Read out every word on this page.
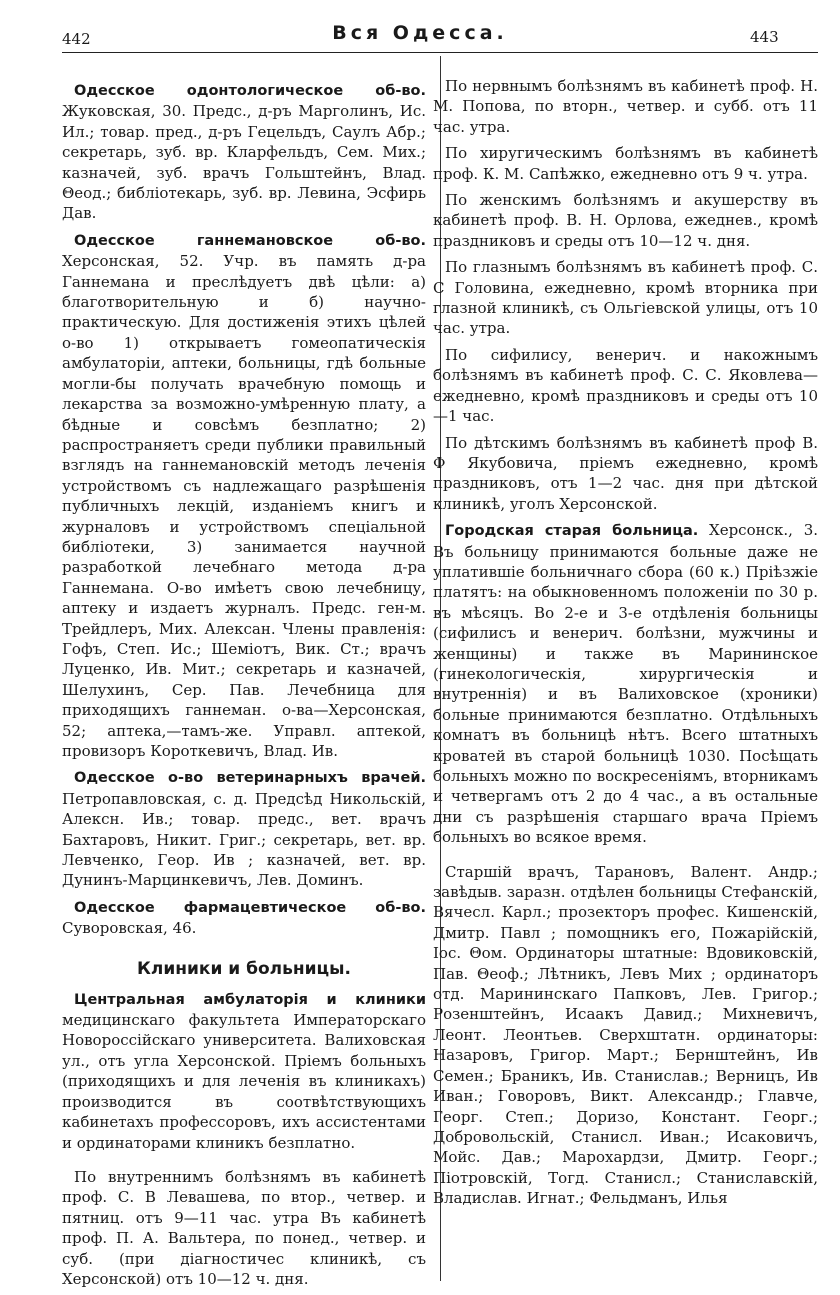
442	Вся Одесса.	443

Одесское одонтологическое об-во. Жуковская, 30. Предс., д-ръ Марголинъ, Ис. Ил.; товар. пред., д-ръ Гецельдъ, Саулъ Абр.; секретарь, зуб. вр. Кларфельдъ, Сем. Мих.; казначей, зуб. врачъ Гольштейнъ, Влад. Θеод.; библіотекарь, зуб. вр. Левина, Эсфирь Дав.

Одесское ганнемановское об-во. Херсонская, 52. Учр. въ память д-ра Ганнемана и преслѣдуетъ двѣ цѣли: а) благотворительную и б) научно-практическую. Для достиженія этихъ цѣлей о-во 1) открываетъ гомеопатическія амбулаторіи, аптеки, больницы, гдѣ больные могли-бы получать врачебную помощь и лекарства за возможно-умѣренную плату, а бѣдные и совсѣмъ безплатно; 2) распространяетъ среди публики правильный взглядъ на ганнемановскій методъ леченія устройствомъ съ надлежащаго разрѣшенія публичныхъ лекцій, изданіемъ книгъ и журналовъ и устройствомъ спеціальной библіотеки, 3) занимается научной разработкой лечебнаго метода д-ра Ганнемана. О-во имѣетъ свою лечебницу, аптеку и издаетъ журналъ. Предс. ген-м. Трейдлеръ, Мих. Алексан. Члены правленія: Гофъ, Степ. Ис.; Шеміотъ, Вик. Ст.; врачъ Луценко, Ив. Мит.; секретарь и казначей, Шелухинъ, Сер. Пав. Лечебница для приходящихъ ганнеман. о-ва—Херсонская, 52; аптека,—тамъ-же. Управл. аптекой, провизоръ Короткевичъ, Влад. Ив.

Одесское о-во ветеринарныхъ врачей. Петропавловская, с. д. Предсѣд Никольскій, Алексн. Ив.; товар. предс., вет. врачъ Бахтаровъ, Никит. Григ.; секретарь, вет. вр. Левченко, Геор. Ив ; казначей, вет. вр. Дунинъ-Марцинкевичъ, Лев. Доминъ.

Одесское фармацевтическое об-во. Суворовская, 46.

Клиники и больницы.

Центральная амбулаторія и клиники медицинскаго факультета Императорскаго Новороссійскаго университета. Валиховская ул., отъ угла Херсонской. Пріемъ больныхъ (приходящихъ и для леченія въ клиникахъ) производится въ соотвѣтствующихъ кабинетахъ профессоровъ, ихъ ассистентами и ординаторами клиникъ безплатно.

По внутреннимъ болѣзнямъ въ кабинетѣ проф. С. В Левашева, по втор., четвер. и пятниц. отъ 9—11 час. утра Въ кабинетѣ проф. П. А. Вальтера, по понед., четвер. и суб. (при діагностичес клиникѣ, съ Херсонской) отъ 10—12 ч. дня.

По нервнымъ болѣзнямъ въ кабинетѣ проф. Н. М. Попова, по вторн., четвер. и субб. отъ 11 час. утра.

По хиругическимъ болѣзнямъ въ кабинетѣ проф. К. М. Сапѣжко, ежедневно отъ 9 ч. утра.

По женскимъ болѣзнямъ и акушерству въ кабинетѣ проф. В. Н. Орлова, ежеднев., кромѣ праздниковъ и среды отъ 10—12 ч. дня.

По глазнымъ болѣзнямъ въ кабинетѣ проф. С. С Головина, ежедневно, кромѣ вторника при глазной клиникѣ, съ Ольгіевской улицы, отъ 10 час. утра.

По сифилису, венерич. и накожнымъ болѣзнямъ въ кабинетѣ проф. С. С. Яковлева—ежедневно, кромѣ праздниковъ и среды отъ 10—1 час.

По дѣтскимъ болѣзнямъ въ кабинетѣ проф В. Ф Якубовича, пріемъ ежедневно, кромѣ праздниковъ, отъ 1—2 час. дня при дѣтской клиникѣ, уголъ Херсонской.

Городская старая больница. Херсонск., 3. Въ больницу принимаются больные даже не уплатившіе больничнаго сбора (60 к.) Пріѣзжіе платятъ: на обыкновенномъ положеніи по 30 р. въ мѣсяцъ. Во 2-е и 3-е отдѣленія больницы (сифилисъ и венерич. болѣзни, мужчины и женщины) и также въ Марининское (гинекологическія, хирургическія и внутреннія) и въ Валиховское (хроники) больные принимаются безплатно. Отдѣльныхъ комнатъ въ больницѣ нѣтъ. Всего штатныхъ кроватей въ старой больницѣ 1030. Посѣщать больныхъ можно по воскресеніямъ, вторникамъ и четвергамъ отъ 2 до 4 час., а въ остальные дни съ разрѣшенія старшаго врача Пріемъ больныхъ во всякое время.

Старшій врачъ, Тарановъ, Валент. Андр.; завѣдыв. заразн. отдѣлен больницы Стефанскій, Вячесл. Карл.; прозекторъ профес. Кишенскій, Дмитр. Павл ; помощникъ его, Пожарійскій, Іос. Θом. Ординаторы штатные: Вдовиковскій, Пав. Θеоф.; Лѣтникъ, Левъ Мих ; ординаторъ отд. Марининскаго Папковъ, Лев. Григор.; Розенштейнъ, Исаакъ Давид.; Михневичъ, Леонт. Леонтьев. Сверхштатн. ординаторы: Назаровъ, Григор. Март.; Бернштейнъ, Ив Семен.; Браникъ, Ив. Станислав.; Верницъ, Ив Иван.; Говоровъ, Викт. Александр.; Главче, Георг. Степ.; Доризо, Констант. Георг.; Добровольскій, Станисл. Иван.; Исаковичъ, Мойс. Дав.; Марохардзи, Дмитр. Георг.; Піотровскій, Тогд. Станисл.; Станиславскій, Владислав. Игнат.; Фельдманъ, Илья
